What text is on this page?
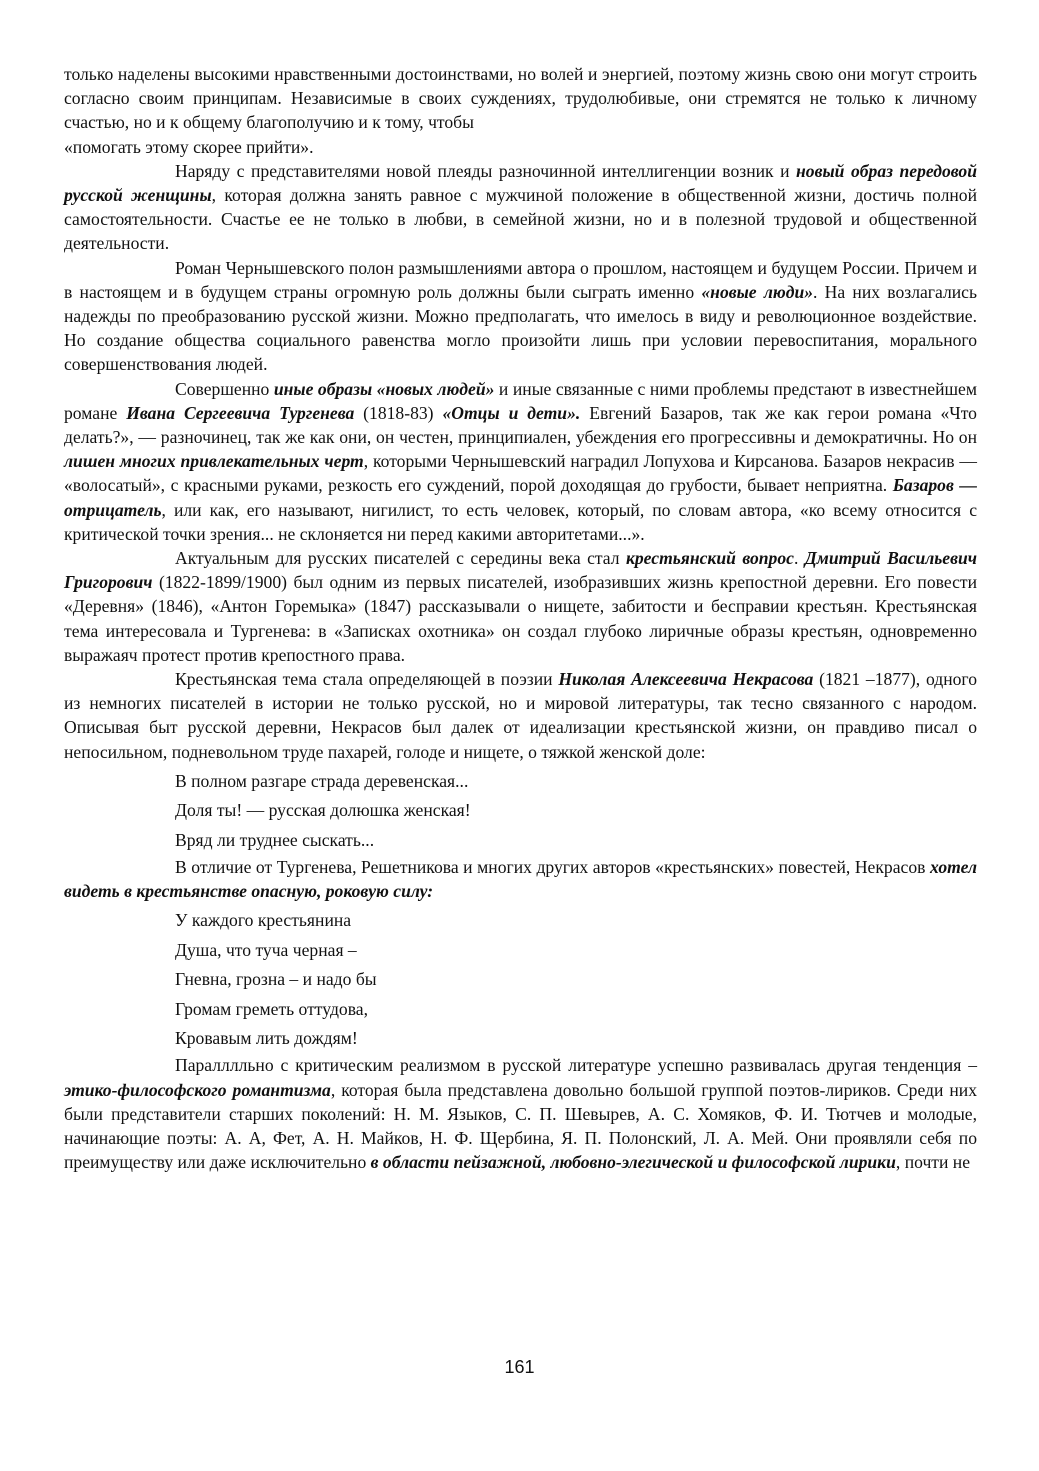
только наделены высокими нравственными достоинствами, но волей и энергией, поэтому жизнь свою они могут строить согласно своим принципам. Независимые в своих суждениях, трудолюбивые, они стремятся не только к личному счастью, но и к общему благополучию и к тому, чтобы

«помогать этому скорее прийти».

Наряду с представителями новой плеяды разночинной интеллигенции возник и новый образ передовой русской женщины, которая должна занять равное с мужчиной положение в общественной жизни, достичь полной самостоятельности. Счастье ее не только в любви, в семейной жизни, но и в полезной трудовой и общественной деятельности.

Роман Чернышевского полон размышлениями автора о прошлом, настоящем и будущем России. Причем и в настоящем и в будущем страны огромную роль должны были сыграть именно «новые люди». На них возлагались надежды по преобразованию русской жизни. Можно предполагать, что имелось в виду и революционное воздействие. Но создание общества социального равенства могло произойти лишь при условии перевоспитания, морального совершенствования людей.

Совершенно иные образы «новых людей» и иные связанные с ними проблемы предстают в известнейшем романе Ивана Сергеевича Тургенева (1818-83) «Отцы и дети». Евгений Базаров, так же как герои романа «Что делать?», — разночинец, так же как они, он честен, принципиален, убеждения его прогрессивны и демократичны. Но он лишен многих привлекательных черт, которыми Чернышевский наградил Лопухова и Кирсанова. Базаров некрасив — «волосатый», с красными руками, резкость его суждений, порой доходящая до грубости, бывает неприятна. Базаров — отрицатель, или как, его называют, нигилист, то есть человек, который, по словам автора, «ко всему относится с критической точки зрения... не склоняется ни перед какими авторитетами...».

Актуальным для русских писателей с середины века стал крестьянский вопрос. Дмитрий Васильевич Григорович (1822-1899/1900) был одним из первых писателей, изобразивших жизнь крепостной деревни. Его повести «Деревня» (1846), «Антон Горемыка» (1847) рассказывали о нищете, забитости и бесправии крестьян. Крестьянская тема интересовала и Тургенева: в «Записках охотника» он создал глубоко лиричные образы крестьян, одновременно выражаяч протест против крепостного права.

Крестьянская тема стала определяющей в поэзии Николая Алексеевича Некрасова (1821 –1877), одного из немногих писателей в истории не только русской, но и мировой литературы, так тесно связанного с народом. Описывая быт русской деревни, Некрасов был далек от идеализации крестьянской жизни, он правдиво писал о непосильном, подневольном труде пахарей, голоде и нищете, о тяжкой женской доле:

В полном разгаре страда деревенская...

Доля ты! — русская долюшка женская!

Вряд ли труднее сыскать...

В отличие от Тургенева, Решетникова и многих других авторов «крестьянских» повестей, Некрасов хотел видеть в крестьянстве опасную, роковую силу:

У каждого крестьянина

Душа, что туча черная –

Гневна, грозна – и надо бы

Громам греметь оттудова,

Кровавым лить дождям!

Паралллльно с критическим реализмом в русской литературе успешно развивалась другая тенденция – этико-философского романтизма, которая была представлена довольно большой группой поэтов-лириков. Среди них были представители старших поколений: Н. М. Языков, С. П. Шевырев, А. С. Хомяков, Ф. И. Тютчев и молодые, начинающие поэты: А. А, Фет, А. Н. Майков, Н. Ф. Щербина, Я. П. Полонский, Л. А. Мей. Они проявляли себя по преимуществу или даже исключительно в области пейзажной, любовно-элегической и философской лирики, почти не

161
